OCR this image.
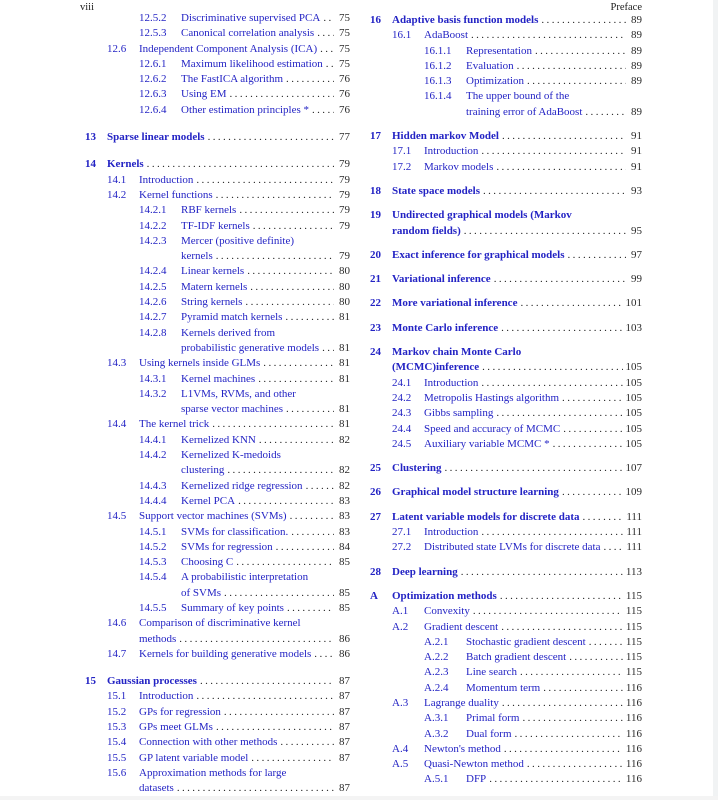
viii	Preface
12.5.2	Discriminative supervised PCA ..... 75
12.5.3	Canonical correlation analysis ..... 75
12.6	Independent Component Analysis (ICA) ..... 75
12.6.1	Maximum likelihood estimation ..... 75
12.6.2	The FastICA algorithm .....	76
12.6.3	Using EM .....	76
12.6.4	Other estimation principles * .....	76
13	Sparse linear models .....	77
14	Kernels .....	79
14.1	Introduction .....	79
14.2	Kernel functions .....	79
14.2.1	RBF kernels .....	79
14.2.2	TF-IDF kernels .....	79
14.2.3	Mercer (positive definite)
kernels .....	79
14.2.4	Linear kernels .....	80
14.2.5	Matern kernels .....	80
14.2.6	String kernels .....	80
14.2.7	Pyramid match kernels .....	81
14.2.8	Kernels derived from
probabilistic generative models ..... 81
14.3	Using kernels inside GLMs .....	81
14.3.1	Kernel machines .....	81
14.3.2	L1VMs, RVMs, and other
sparse vector machines .....	81
14.4	The kernel trick .....	81
14.4.1	Kernelized KNN .....	82
14.4.2	Kernelized K-medoids
clustering .....	82
14.4.3	Kernelized ridge regression .....	82
14.4.4	Kernel PCA .....	83
14.5	Support vector machines (SVMs) .....	83
14.5.1	SVMs for classification. .....	83
14.5.2	SVMs for regression .....	84
14.5.3	Choosing C .....	85
14.5.4	A probabilistic interpretation
of SVMs .....	85
14.5.5	Summary of key points .....	85
14.6	Comparison of discriminative kernel
methods .....	86
14.7	Kernels for building generative models .....	86
15	Gaussian processes .....	87
15.1	Introduction .....	87
15.2	GPs for regression .....	87
15.3	GPs meet GLMs .....	87
15.4	Connection with other methods .....	87
15.5	GP latent variable model .....	87
15.6	Approximation methods for large
datasets .....	87
16	Adaptive basis function models .....	89
16.1	AdaBoost .....	89
16.1.1	Representation .....	89
16.1.2	Evaluation .....	89
16.1.3	Optimization .....	89
16.1.4	The upper bound of the
training error of AdaBoost .....	89
17	Hidden markov Model .....	91
17.1	Introduction .....	91
17.2	Markov models .....	91
18	State space models .....	93
19	Undirected graphical models (Markov
random fields) .....	95
20	Exact inference for graphical models .....	97
21	Variational inference .....	99
22	More variational inference .....	101
23	Monte Carlo inference .....	103
24	Markov chain Monte Carlo
(MCMC)inference .....	105
24.1	Introduction .....	105
24.2	Metropolis Hastings algorithm .....	105
24.3	Gibbs sampling .....	105
24.4	Speed and accuracy of MCMC .....	105
24.5	Auxiliary variable MCMC * .....	105
25	Clustering .....	107
26	Graphical model structure learning .....	109
27	Latent variable models for discrete data .....	111
27.1	Introduction .....	111
27.2	Distributed state LVMs for discrete data ..... 111
28	Deep learning .....	113
A	Optimization methods .....	115
A.1	Convexity .....	115
A.2	Gradient descent .....	115
A.2.1	Stochastic gradient descent .....	115
A.2.2	Batch gradient descent .....	115
A.2.3	Line search .....	115
A.2.4	Momentum term .....	116
A.3	Lagrange duality .....	116
A.3.1	Primal form .....	116
A.3.2	Dual form .....	116
A.4	Newton's method .....	116
A.5	Quasi-Newton method .....	116
A.5.1	DFP .....	116
